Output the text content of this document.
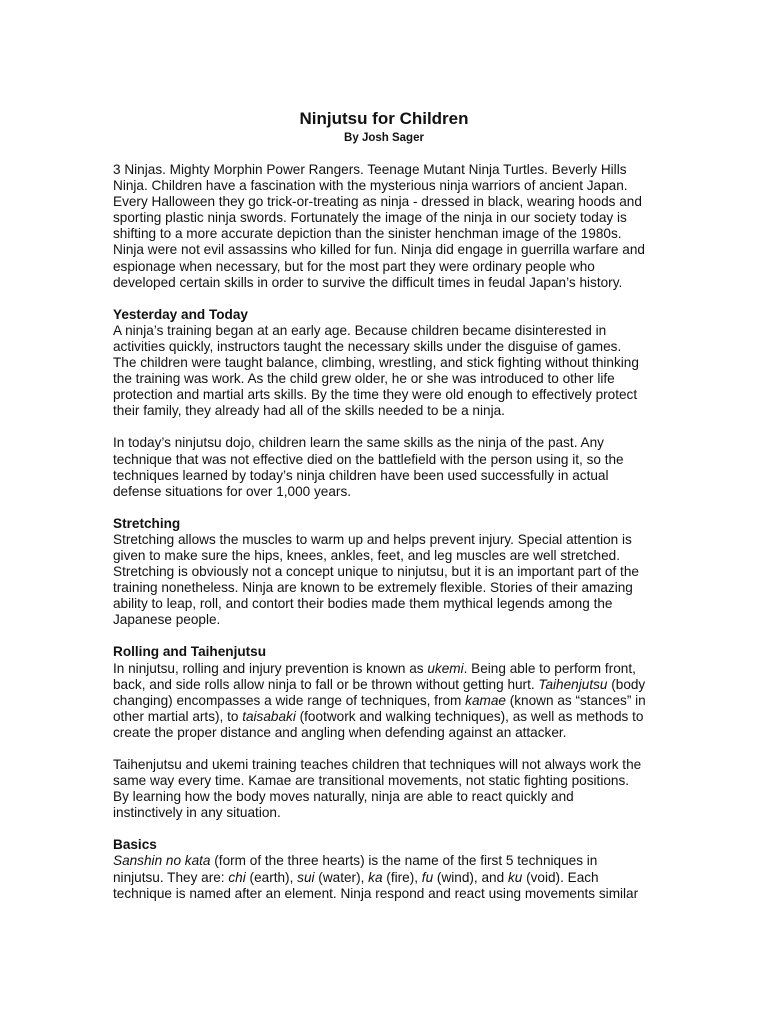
Ninjutsu for Children
By Josh Sager

3 Ninjas. Mighty Morphin Power Rangers. Teenage Mutant Ninja Turtles. Beverly Hills
Ninja. Children have a fascination with the mysterious ninja warriors of ancient Japan.
Every Halloween they go trick-or-treating as ninja - dressed in black, wearing hoods and
sporting plastic ninja swords. Fortunately the image of the ninja in our society today is
shifting to a more accurate depiction than the sinister henchman image of the 1980s.
Ninja were not evil assassins who killed for fun. Ninja did engage in guerrilla warfare and
espionage when necessary, but for the most part they were ordinary people who
developed certain skills in order to survive the difficult times in feudal Japan’s history.

Yesterday and Today

A ninja’s training began at an early age. Because children became disinterested in
activities quickly, instructors taught the necessary skills under the disguise of games.
The children were taught balance, climbing, wrestling, and stick fighting without thinking
the training was work. As the child grew older, he or she was introduced to other life
protection and martial arts skills. By the time they were old enough to effectively protect
their family, they already had all of the skills needed to be a ninja.

In today’s ninjutsu dojo, children learn the same skills as the ninja of the past. Any
technique that was not effective died on the battlefield with the person using it, so the
techniques learned by today’s ninja children have been used successfully in actual
defense situations for over 1,000 years.

Stretching

Stretching allows the muscles to warm up and helps prevent injury. Special attention is
given to make sure the hips, knees, ankles, feet, and leg muscles are well stretched.
Stretching is obviously not a concept unique to ninjutsu, but it is an important part of the
training nonetheless. Ninja are known to be extremely flexible. Stories of their amazing
ability to leap, roll, and contort their bodies made them mythical legends among the
Japanese people.

Rolling and Taihenjutsu

In ninjutsu, rolling and injury prevention is known as ukemi. Being able to perform front,
back, and side rolls allow ninja to fall or be thrown without getting hurt. Taihenjutsu (body
changing) encompasses a wide range of techniques, from kamae (known as “stances” in
other martial arts), to taisabaki (footwork and walking techniques), as well as methods to
create the proper distance and angling when defending against an attacker.

Taihenjutsu and ukemi training teaches children that techniques will not always work the
same way every time. Kamae are transitional movements, not static fighting positions.
By learning how the body moves naturally, ninja are able to react quickly and
instinctively in any situation.

Basics

Sanshin no kata (form of the three hearts) is the name of the first 5 techniques in
ninjutsu. They are: chi (earth), sui (water), ka (fire), fu (wind), and ku (void). Each
technique is named after an element. Ninja respond and react using movements similar
